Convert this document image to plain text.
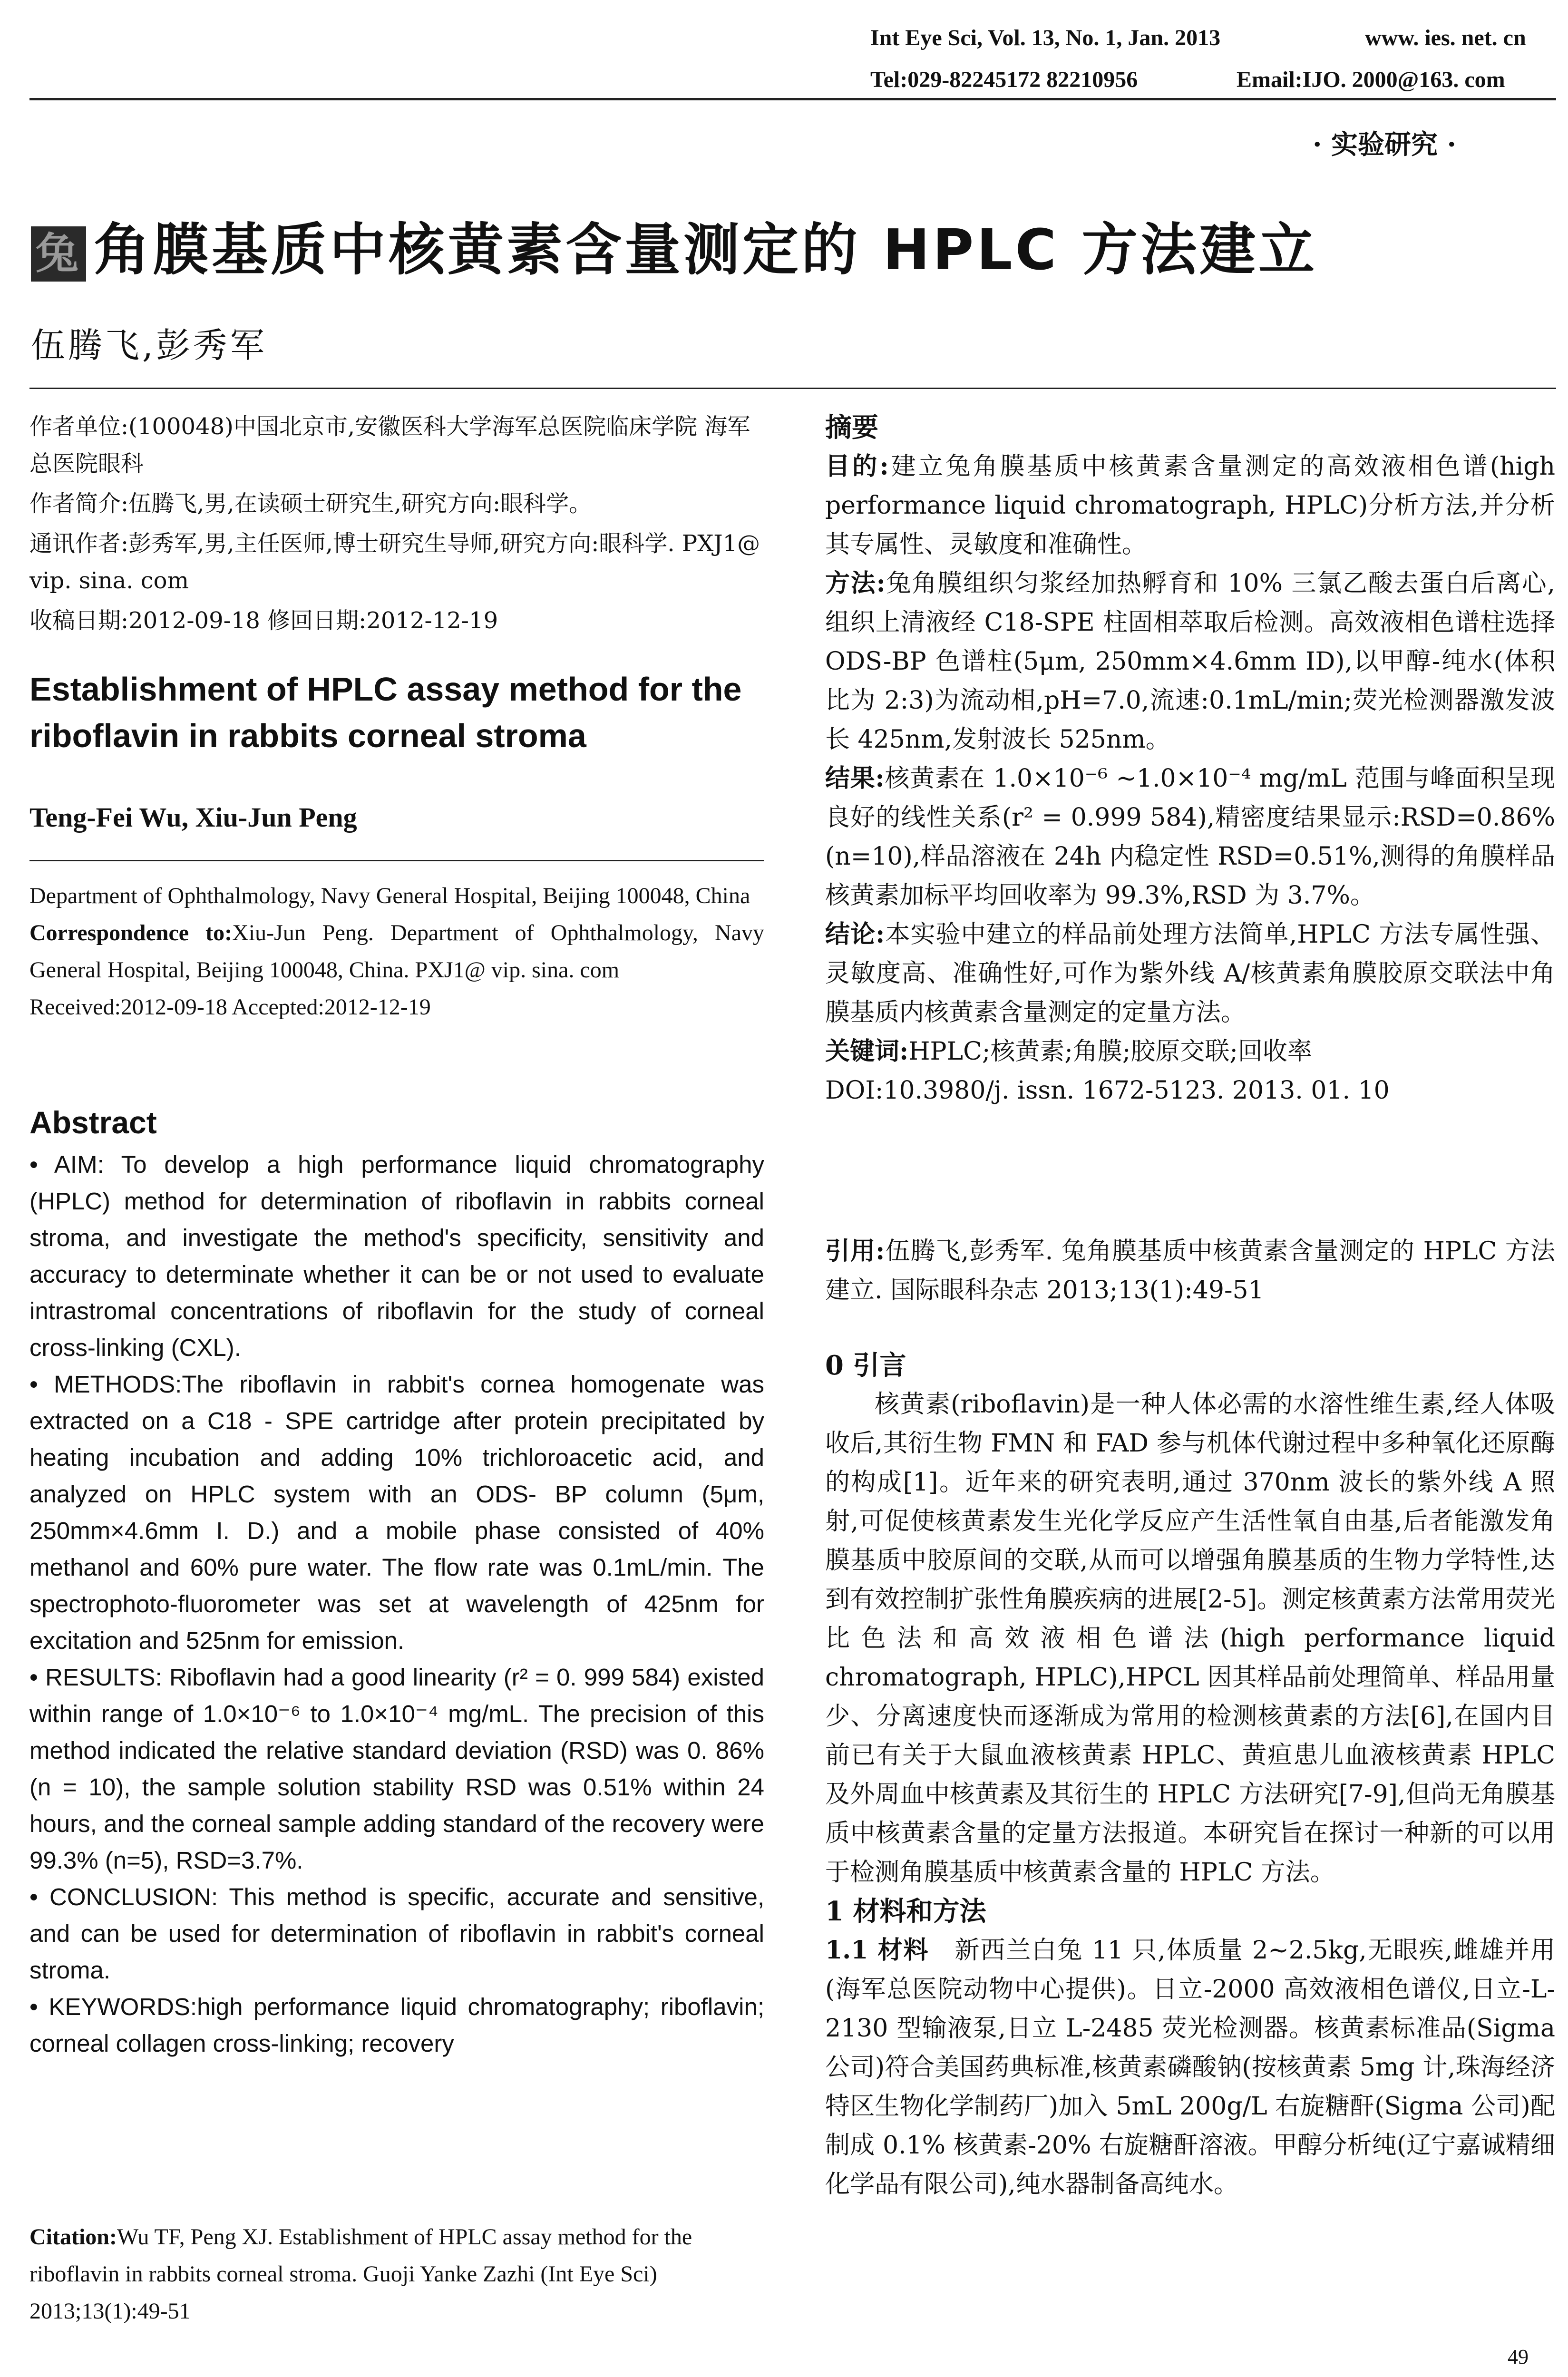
Int Eye Sci, Vol. 13, No. 1, Jan. 2013	www. ies. net. cn
Tel:029-82245172 82210956	Email:IJO. 2000@163. com
· 实验研究 ·
兔 角膜基质中核黄素含量测定的 HPLC 方法建立
伍腾飞,彭秀军

作者单位:(100048)中国北京市,安徽医科大学海军总医院临床学院 海军总医院眼科

作者简介:伍腾飞,男,在读硕士研究生,研究方向:眼科学。

通讯作者:彭秀军,男,主任医师,博士研究生导师,研究方向:眼科学. PXJ1@ vip. sina. com

收稿日期:2012-09-18 修回日期:2012-12-19

Establishment of HPLC assay method for the riboflavin in rabbits corneal stroma
Teng-Fei Wu, Xiu-Jun Peng

Department of Ophthalmology, Navy General Hospital, Beijing 100048, China

Correspondence to:Xiu-Jun Peng. Department of Ophthalmology, Navy General Hospital, Beijing 100048, China. PXJ1@ vip. sina. com

Received:2012-09-18 Accepted:2012-12-19

Abstract

• AIM: To develop a high performance liquid chromatography (HPLC) method for determination of riboflavin in rabbits corneal stroma, and investigate the method's specificity, sensitivity and accuracy to determinate whether it can be or not used to evaluate intrastromal concentrations of riboflavin for the study of corneal cross-linking (CXL).

• METHODS:The riboflavin in rabbit's cornea homogenate was extracted on a C18 - SPE cartridge after protein precipitated by heating incubation and adding 10% trichloroacetic acid, and analyzed on HPLC system with an ODS- BP column (5μm, 250mm×4.6mm I. D.) and a mobile phase consisted of 40% methanol and 60% pure water. The flow rate was 0.1mL/min. The spectrophoto-fluorometer was set at wavelength of 425nm for excitation and 525nm for emission.

• RESULTS: Riboflavin had a good linearity (r² = 0. 999 584) existed within range of 1.0×10⁻⁶ to 1.0×10⁻⁴ mg/mL. The precision of this method indicated the relative standard deviation (RSD) was 0. 86% (n = 10), the sample solution stability RSD was 0.51% within 24 hours, and the corneal sample adding standard of the recovery were 99.3% (n=5), RSD=3.7%.

• CONCLUSION: This method is specific, accurate and sensitive, and can be used for determination of riboflavin in rabbit's corneal stroma.

• KEYWORDS:high performance liquid chromatography; riboflavin; corneal collagen cross-linking; recovery

Citation:Wu TF, Peng XJ. Establishment of HPLC assay method for the riboflavin in rabbits corneal stroma. Guoji Yanke Zazhi (Int Eye Sci) 2013;13(1):49-51

摘要

目的:建立兔角膜基质中核黄素含量测定的高效液相色谱(high performance liquid chromatograph, HPLC)分析方法,并分析其专属性、灵敏度和准确性。

方法:兔角膜组织匀浆经加热孵育和 10% 三氯乙酸去蛋白后离心,组织上清液经 C18-SPE 柱固相萃取后检测。高效液相色谱柱选择 ODS-BP 色谱柱(5μm, 250mm×4.6mm ID),以甲醇-纯水(体积比为 2:3)为流动相,pH=7.0,流速:0.1mL/min;荧光检测器激发波长 425nm,发射波长 525nm。

结果:核黄素在 1.0×10⁻⁶ ~1.0×10⁻⁴ mg/mL 范围与峰面积呈现良好的线性关系(r² = 0.999 584),精密度结果显示:RSD=0.86% (n=10),样品溶液在 24h 内稳定性 RSD=0.51%,测得的角膜样品核黄素加标平均回收率为 99.3%,RSD 为 3.7%。

结论:本实验中建立的样品前处理方法简单,HPLC 方法专属性强、灵敏度高、准确性好,可作为紫外线 A/核黄素角膜胶原交联法中角膜基质内核黄素含量测定的定量方法。

关键词:HPLC;核黄素;角膜;胶原交联;回收率

DOI:10.3980/j. issn. 1672-5123. 2013. 01. 10

引用:伍腾飞,彭秀军. 兔角膜基质中核黄素含量测定的 HPLC 方法建立. 国际眼科杂志 2013;13(1):49-51

0 引言

核黄素(riboflavin)是一种人体必需的水溶性维生素,经人体吸收后,其衍生物 FMN 和 FAD 参与机体代谢过程中多种氧化还原酶的构成[1]。近年来的研究表明,通过 370nm 波长的紫外线 A 照射,可促使核黄素发生光化学反应产生活性氧自由基,后者能激发角膜基质中胶原间的交联,从而可以增强角膜基质的生物力学特性,达到有效控制扩张性角膜疾病的进展[2-5]。测定核黄素方法常用荧光比色法和高效液相色谱法(high performance liquid chromatograph, HPLC),HPCL 因其样品前处理简单、样品用量少、分离速度快而逐渐成为常用的检测核黄素的方法[6],在国内目前已有关于大鼠血液核黄素 HPLC、黄疸患儿血液核黄素 HPLC 及外周血中核黄素及其衍生的 HPLC 方法研究[7-9],但尚无角膜基质中核黄素含量的定量方法报道。本研究旨在探讨一种新的可以用于检测角膜基质中核黄素含量的 HPLC 方法。

1 材料和方法

1.1 材料　 新西兰白兔 11 只,体质量 2~2.5kg,无眼疾,雌雄并用(海军总医院动物中心提供)。日立-2000 高效液相色谱仪,日立-L-2130 型输液泵,日立 L-2485 荧光检测器。核黄素标准品(Sigma 公司)符合美国药典标准,核黄素磷酸钠(按核黄素 5mg 计,珠海经济特区生物化学制药厂)加入 5mL 200g/L 右旋糖酐(Sigma 公司)配制成 0.1% 核黄素-20% 右旋糖酐溶液。甲醇分析纯(辽宁嘉诚精细化学品有限公司),纯水器制备高纯水。

49
